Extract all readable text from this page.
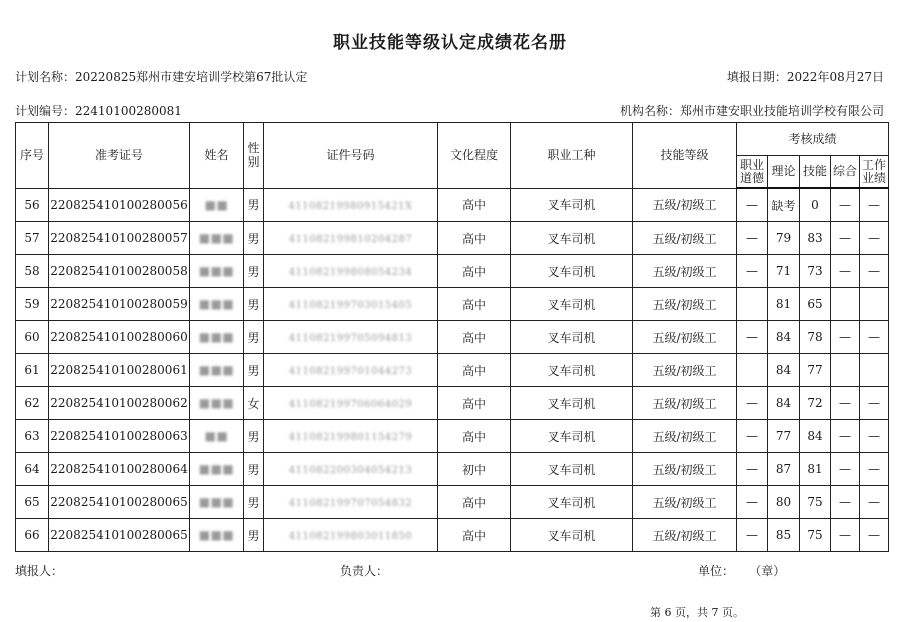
职业技能等级认定成绩花名册
计划名称：20220825郑州市建安培训学校第67批认定	填报日期：2022年08月27日
计划编号：22410100280081	机构名称：郑州市建安职业技能培训学校有限公司
序号	准考证号	姓名	性别	证件号码	文化程度	职业工种	技能等级	考核成绩				
								职业道德	理论	技能	综合	工作业绩
56	220825410100280056	■■	男	41108219980915421X	高中	叉车司机	五级/初级工	—	缺考	0	—	—
57	220825410100280057	■■■	男	411082199810204287	高中	叉车司机	五级/初级工	—	79	83	—	—
58	220825410100280058	■■■	男	411082199808054234	高中	叉车司机	五级/初级工	—	71	73	—	—
59	220825410100280059	■■■	男	411082199703015405	高中	叉车司机	五级/初级工		81	65		
60	220825410100280060	■■■	男	411082199705094813	高中	叉车司机	五级/初级工	—	84	78	—	—
61	220825410100280061	■■■	男	411082199701044273	高中	叉车司机	五级/初级工		84	77		
62	220825410100280062	■■■	女	411082199706064029	高中	叉车司机	五级/初级工	—	84	72	—	—
63	220825410100280063	■■	男	411082199801154279	高中	叉车司机	五级/初级工	—	77	84	—	—
64	220825410100280064	■■■	男	411082200304054213	初中	叉车司机	五级/初级工	—	87	81	—	—
65	220825410100280065	■■■	男	411082199707054832	高中	叉车司机	五级/初级工	—	80	75	—	—
66	220825410100280065	■■■	男	411082199803011850	高中	叉车司机	五级/初级工	—	85	75	—	—
填报人：	负责人：	单位： （章）
第 6 页，共 7 页。
